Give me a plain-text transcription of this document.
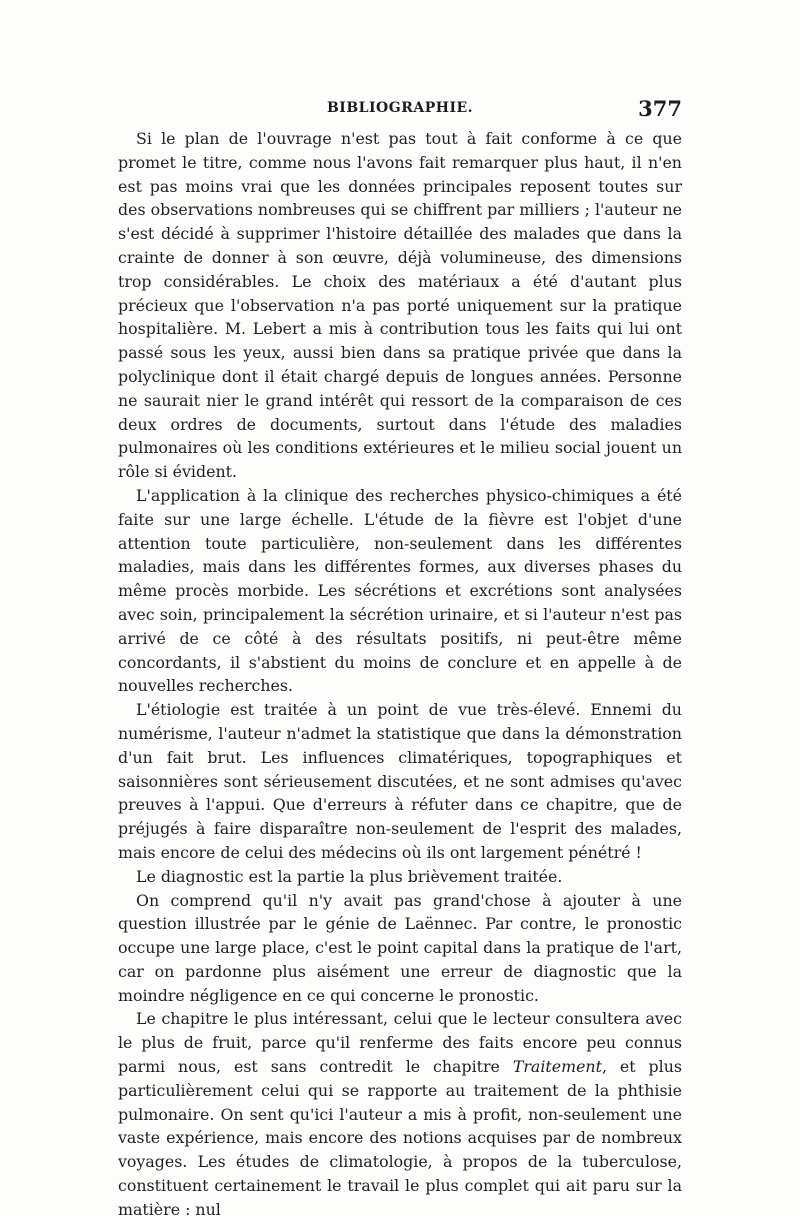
BIBLIOGRAPHIE.	377

Si le plan de l'ouvrage n'est pas tout à fait conforme à ce que promet le titre, comme nous l'avons fait remarquer plus haut, il n'en est pas moins vrai que les données principales reposent toutes sur des observations nombreuses qui se chiffrent par milliers ; l'auteur ne s'est décidé à supprimer l'histoire détaillée des malades que dans la crainte de donner à son œuvre, déjà volumineuse, des dimensions trop considérables. Le choix des matériaux a été d'autant plus précieux que l'observation n'a pas porté uniquement sur la pratique hospitalière. M. Lebert a mis à contribution tous les faits qui lui ont passé sous les yeux, aussi bien dans sa pratique privée que dans la polyclinique dont il était chargé depuis de longues années. Personne ne saurait nier le grand intérêt qui ressort de la comparaison de ces deux ordres de documents, surtout dans l'étude des maladies pulmonaires où les conditions extérieures et le milieu social jouent un rôle si évident.

L'application à la clinique des recherches physico-chimiques a été faite sur une large échelle. L'étude de la fièvre est l'objet d'une attention toute particulière, non-seulement dans les différentes maladies, mais dans les différentes formes, aux diverses phases du même procès morbide. Les sécrétions et excrétions sont analysées avec soin, principalement la sécrétion urinaire, et si l'auteur n'est pas arrivé de ce côté à des résultats positifs, ni peut-être même concordants, il s'abstient du moins de conclure et en appelle à de nouvelles recherches.

L'étiologie est traitée à un point de vue très-élevé. Ennemi du numérisme, l'auteur n'admet la statistique que dans la démonstration d'un fait brut. Les influences climatériques, topographiques et saisonnières sont sérieusement discutées, et ne sont admises qu'avec preuves à l'appui. Que d'erreurs à réfuter dans ce chapitre, que de préjugés à faire disparaître non-seulement de l'esprit des malades, mais encore de celui des médecins où ils ont largement pénétré !

Le diagnostic est la partie la plus brièvement traitée.

On comprend qu'il n'y avait pas grand'chose à ajouter à une question illustrée par le génie de Laënnec. Par contre, le pronostic occupe une large place, c'est le point capital dans la pratique de l'art, car on pardonne plus aisément une erreur de diagnostic que la moindre négligence en ce qui concerne le pronostic.

Le chapitre le plus intéressant, celui que le lecteur consultera avec le plus de fruit, parce qu'il renferme des faits encore peu connus parmi nous, est sans contredit le chapitre Traitement, et plus particulièrement celui qui se rapporte au traitement de la phthisie pulmonaire. On sent qu'ici l'auteur a mis à profit, non-seulement une vaste expérience, mais encore des notions acquises par de nombreux voyages. Les études de climatologie, à propos de la tuberculose, constituent certainement le travail le plus complet qui ait paru sur la matière : nul
